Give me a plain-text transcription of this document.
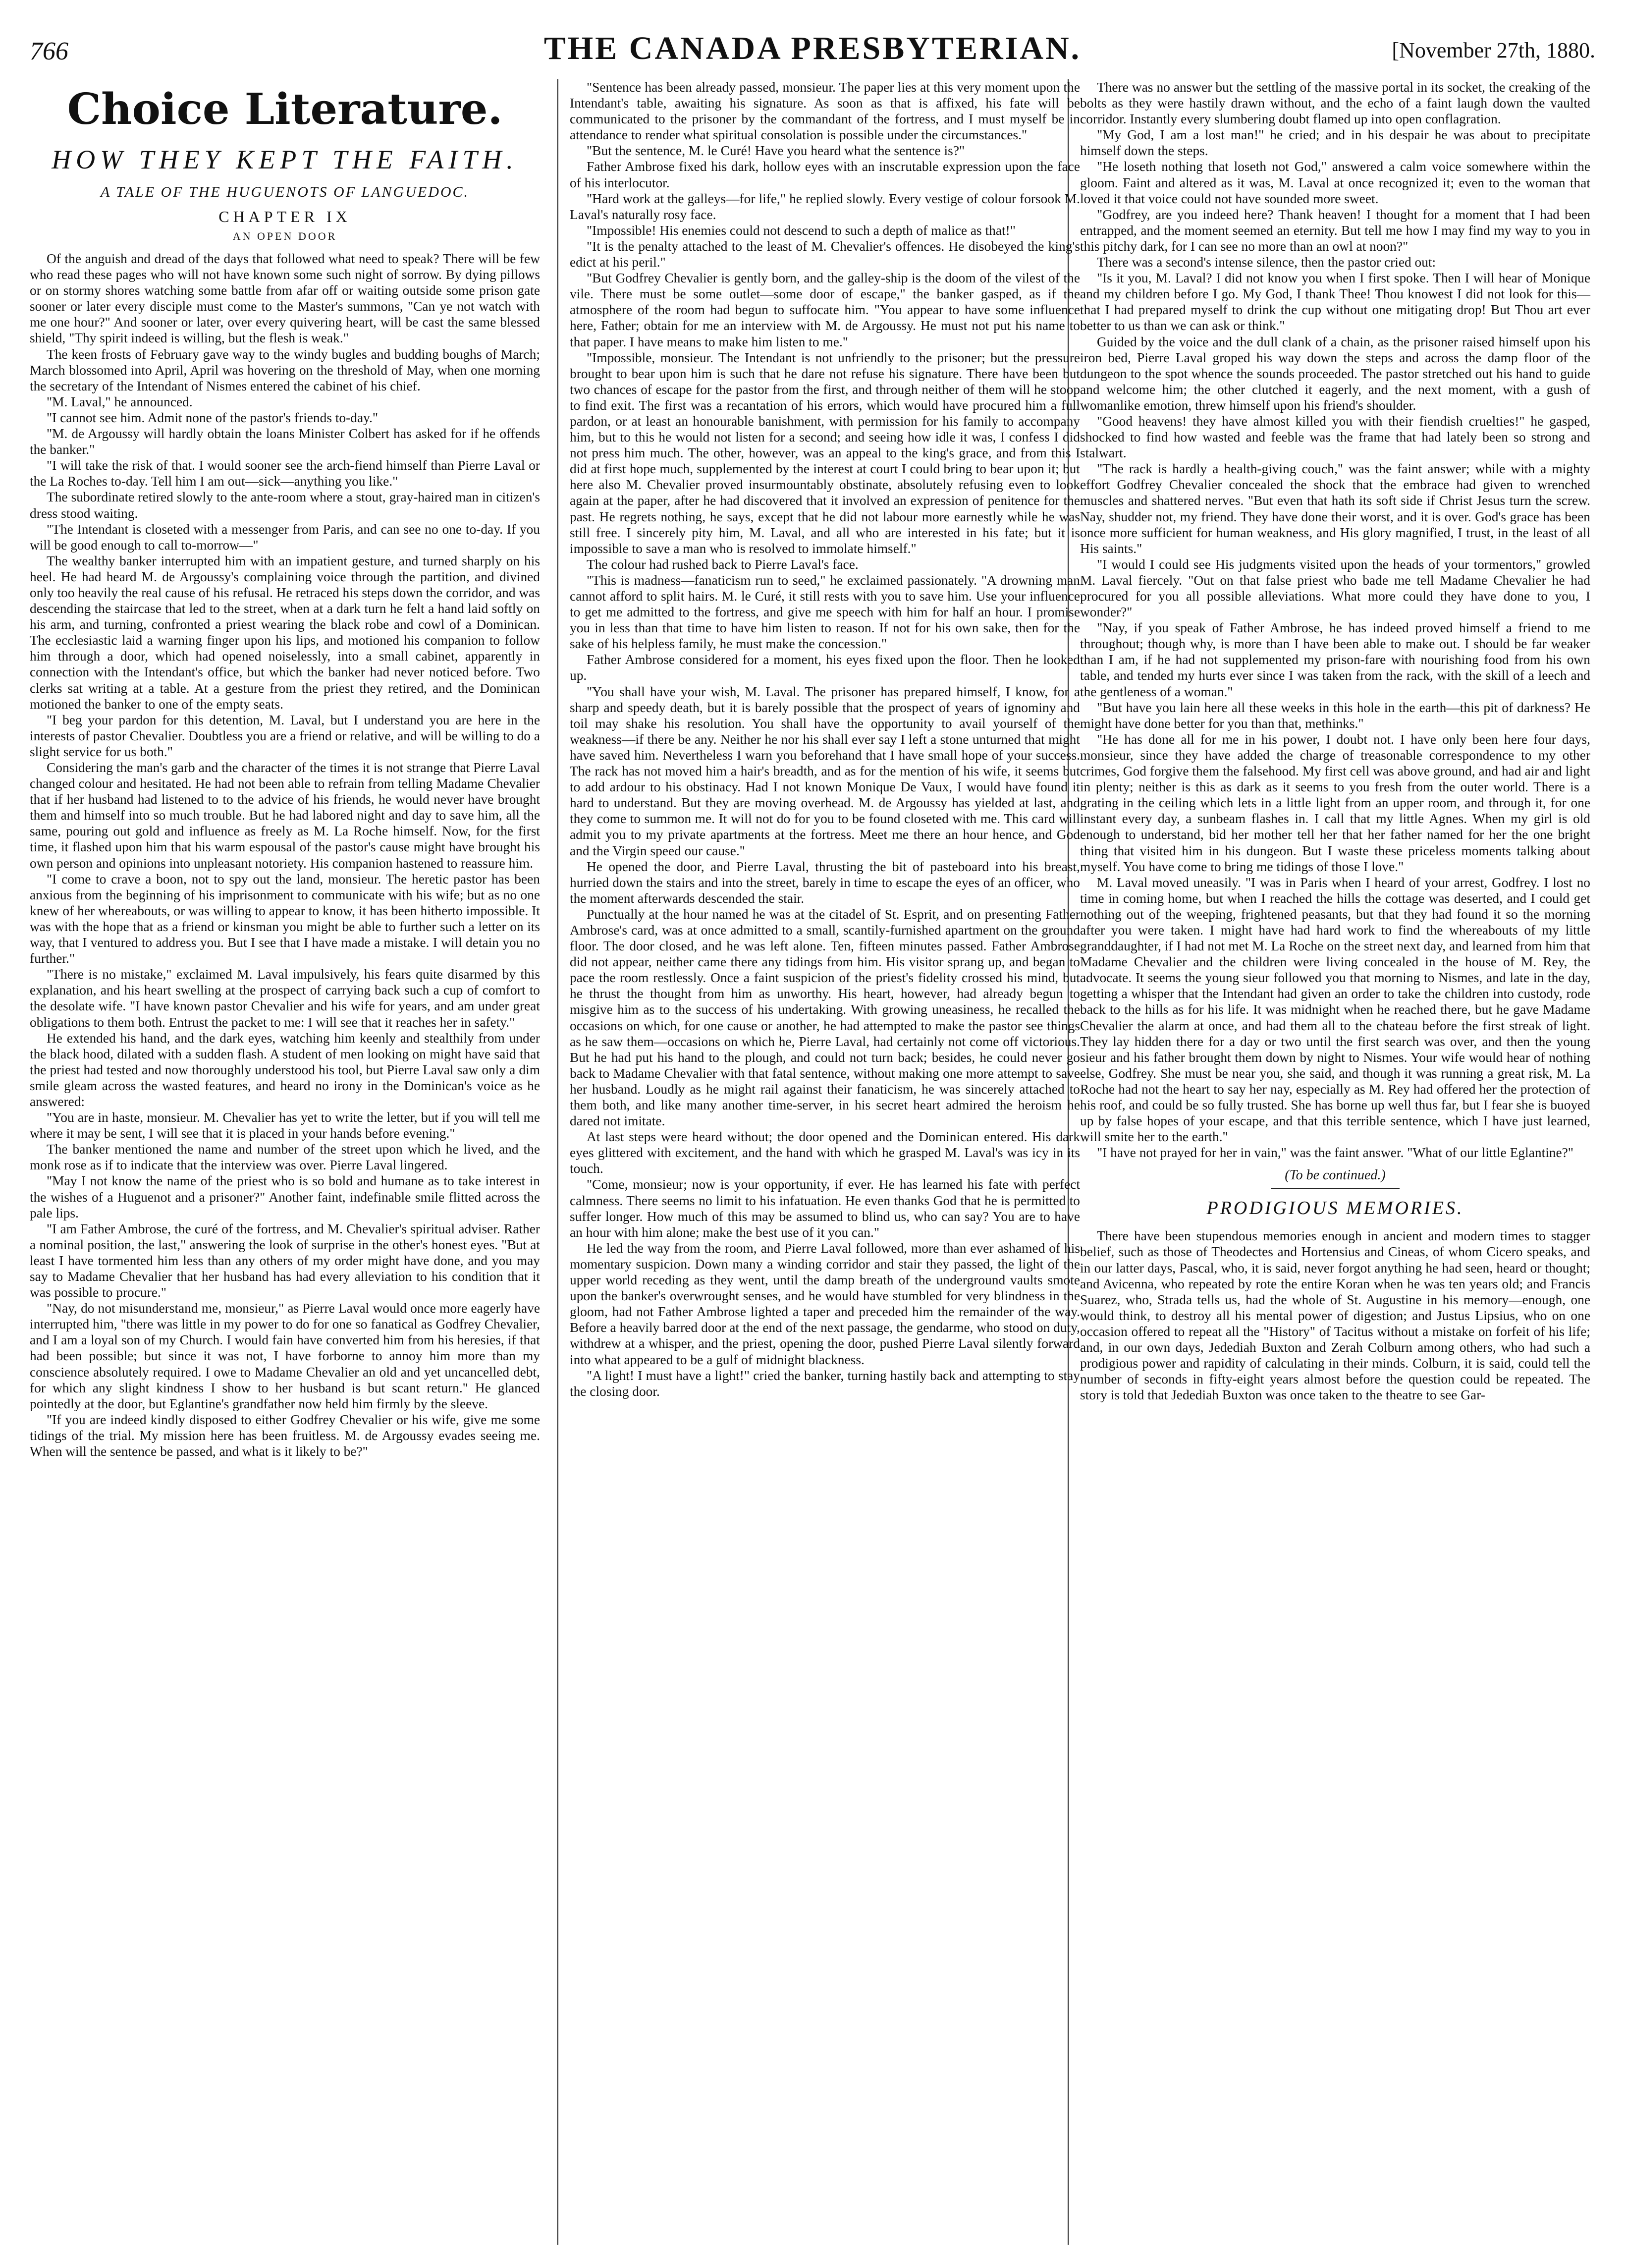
766	THE CANADA PRESBYTERIAN.	[November 27th, 1880.
Choice Literature.
HOW THEY KEPT THE FAITH.
A TALE OF THE HUGUENOTS OF LANGUEDOC.
CHAPTER IX
AN OPEN DOOR

Of the anguish and dread of the days that followed what need to speak? There will be few who read these pages who will not have known some such night of sorrow. By dying pillows or on stormy shores watching some battle from afar off or waiting outside some prison gate sooner or later every disciple must come to the Master's summons, "Can ye not watch with me one hour?" And sooner or later, over every quivering heart, will be cast the same blessed shield, "Thy spirit indeed is willing, but the flesh is weak."

The keen frosts of February gave way to the windy bugles and budding boughs of March; March blossomed into April, April was hovering on the threshold of May, when one morning the secretary of the Intendant of Nismes entered the cabinet of his chief.

"M. Laval," he announced.

"I cannot see him. Admit none of the pastor's friends to-day."

"M. de Argoussy will hardly obtain the loans Minister Colbert has asked for if he offends the banker."

"I will take the risk of that. I would sooner see the arch-fiend himself than Pierre Laval or the La Roches to-day. Tell him I am out—sick—anything you like."

The subordinate retired slowly to the ante-room where a stout, gray-haired man in citizen's dress stood waiting.

"The Intendant is closeted with a messenger from Paris, and can see no one to-day. If you will be good enough to call to-morrow—"

The wealthy banker interrupted him with an impatient gesture, and turned sharply on his heel. He had heard M. de Argoussy's complaining voice through the partition, and divined only too heavily the real cause of his refusal. He retraced his steps down the corridor, and was descending the staircase that led to the street, when at a dark turn he felt a hand laid softly on his arm, and turning, confronted a priest wearing the black robe and cowl of a Dominican. The ecclesiastic laid a warning finger upon his lips, and motioned his companion to follow him through a door, which had opened noiselessly, into a small cabinet, apparently in connection with the Intendant's office, but which the banker had never noticed before. Two clerks sat writing at a table. At a gesture from the priest they retired, and the Dominican motioned the banker to one of the empty seats.

"I beg your pardon for this detention, M. Laval, but I understand you are here in the interests of pastor Chevalier. Doubtless you are a friend or relative, and will be willing to do a slight service for us both."

Considering the man's garb and the character of the times it is not strange that Pierre Laval changed colour and hesitated. He had not been able to refrain from telling Madame Chevalier that if her husband had listened to to the advice of his friends, he would never have brought them and himself into so much trouble. But he had labored night and day to save him, all the same, pouring out gold and influence as freely as M. La Roche himself. Now, for the first time, it flashed upon him that his warm espousal of the pastor's cause might have brought his own person and opinions into unpleasant notoriety. His companion hastened to reassure him.

"I come to crave a boon, not to spy out the land, monsieur. The heretic pastor has been anxious from the beginning of his imprisonment to communicate with his wife; but as no one knew of her whereabouts, or was willing to appear to know, it has been hitherto impossible. It was with the hope that as a friend or kinsman you might be able to further such a letter on its way, that I ventured to address you. But I see that I have made a mistake. I will detain you no further."

"There is no mistake," exclaimed M. Laval impulsively, his fears quite disarmed by this explanation, and his heart swelling at the prospect of carrying back such a cup of comfort to the desolate wife. "I have known pastor Chevalier and his wife for years, and am under great obligations to them both. Entrust the packet to me: I will see that it reaches her in safety."

He extended his hand, and the dark eyes, watching him keenly and stealthily from under the black hood, dilated with a sudden flash. A student of men looking on might have said that the priest had tested and now thoroughly understood his tool, but Pierre Laval saw only a dim smile gleam across the wasted features, and heard no irony in the Dominican's voice as he answered:

"You are in haste, monsieur. M. Chevalier has yet to write the letter, but if you will tell me where it may be sent, I will see that it is placed in your hands before evening."

The banker mentioned the name and number of the street upon which he lived, and the monk rose as if to indicate that the interview was over. Pierre Laval lingered.

"May I not know the name of the priest who is so bold and humane as to take interest in the wishes of a Huguenot and a prisoner?" Another faint, indefinable smile flitted across the pale lips.

"I am Father Ambrose, the curé of the fortress, and M. Chevalier's spiritual adviser. Rather a nominal position, the last," answering the look of surprise in the other's honest eyes. "But at least I have tormented him less than any others of my order might have done, and you may say to Madame Chevalier that her husband has had every alleviation to his condition that it was possible to procure."

"Nay, do not misunderstand me, monsieur," as Pierre Laval would once more eagerly have interrupted him, "there was little in my power to do for one so fanatical as Godfrey Chevalier, and I am a loyal son of my Church. I would fain have converted him from his heresies, if that had been possible; but since it was not, I have forborne to annoy him more than my conscience absolutely required. I owe to Madame Chevalier an old and yet uncancelled debt, for which any slight kindness I show to her husband is but scant return." He glanced pointedly at the door, but Eglantine's grandfather now held him firmly by the sleeve.

"If you are indeed kindly disposed to either Godfrey Chevalier or his wife, give me some tidings of the trial. My mission here has been fruitless. M. de Argoussy evades seeing me. When will the sentence be passed, and what is it likely to be?"

"Sentence has been already passed, monsieur. The paper lies at this very moment upon the Intendant's table, awaiting his signature. As soon as that is affixed, his fate will be communicated to the prisoner by the commandant of the fortress, and I must myself be in attendance to render what spiritual consolation is possible under the circumstances."

"But the sentence, M. le Curé! Have you heard what the sentence is?"

Father Ambrose fixed his dark, hollow eyes with an inscrutable expression upon the face of his interlocutor.

"Hard work at the galleys—for life," he replied slowly. Every vestige of colour forsook M. Laval's naturally rosy face.

"Impossible! His enemies could not descend to such a depth of malice as that!"

"It is the penalty attached to the least of M. Chevalier's offences. He disobeyed the king's edict at his peril."

"But Godfrey Chevalier is gently born, and the galley-ship is the doom of the vilest of the vile. There must be some outlet—some door of escape," the banker gasped, as if the atmosphere of the room had begun to suffocate him. "You appear to have some influence here, Father; obtain for me an interview with M. de Argoussy. He must not put his name to that paper. I have means to make him listen to me."

"Impossible, monsieur. The Intendant is not unfriendly to the prisoner; but the pressure brought to bear upon him is such that he dare not refuse his signature. There have been but two chances of escape for the pastor from the first, and through neither of them will he stoop to find exit. The first was a recantation of his errors, which would have procured him a full pardon, or at least an honourable banishment, with permission for his family to accompany him, but to this he would not listen for a second; and seeing how idle it was, I confess I did not press him much. The other, however, was an appeal to the king's grace, and from this I did at first hope much, supplemented by the interest at court I could bring to bear upon it; but here also M. Chevalier proved insurmountably obstinate, absolutely refusing even to look again at the paper, after he had discovered that it involved an expression of penitence for the past. He regrets nothing, he says, except that he did not labour more earnestly while he was still free. I sincerely pity him, M. Laval, and all who are interested in his fate; but it is impossible to save a man who is resolved to immolate himself."

The colour had rushed back to Pierre Laval's face.

"This is madness—fanaticism run to seed," he exclaimed passionately. "A drowning man cannot afford to split hairs. M. le Curé, it still rests with you to save him. Use your influence to get me admitted to the fortress, and give me speech with him for half an hour. I promise you in less than that time to have him listen to reason. If not for his own sake, then for the sake of his helpless family, he must make the concession."

Father Ambrose considered for a moment, his eyes fixed upon the floor. Then he looked up.

"You shall have your wish, M. Laval. The prisoner has prepared himself, I know, for a sharp and speedy death, but it is barely possible that the prospect of years of ignominy and toil may shake his resolution. You shall have the opportunity to avail yourself of the weakness—if there be any. Neither he nor his shall ever say I left a stone unturned that might have saved him. Nevertheless I warn you beforehand that I have small hope of your success. The rack has not moved him a hair's breadth, and as for the mention of his wife, it seems but to add ardour to his obstinacy. Had I not known Monique De Vaux, I would have found it hard to understand. But they are moving overhead. M. de Argoussy has yielded at last, and they come to summon me. It will not do for you to be found closeted with me. This card will admit you to my private apartments at the fortress. Meet me there an hour hence, and God and the Virgin speed our cause."

He opened the door, and Pierre Laval, thrusting the bit of pasteboard into his breast, hurried down the stairs and into the street, barely in time to escape the eyes of an officer, who the moment afterwards descended the stair.

Punctually at the hour named he was at the citadel of St. Esprit, and on presenting Father Ambrose's card, was at once admitted to a small, scantily-furnished apartment on the ground floor. The door closed, and he was left alone. Ten, fifteen minutes passed. Father Ambrose did not appear, neither came there any tidings from him. His visitor sprang up, and began to pace the room restlessly. Once a faint suspicion of the priest's fidelity crossed his mind, but he thrust the thought from him as unworthy. His heart, however, had already begun to misgive him as to the success of his undertaking. With growing uneasiness, he recalled the occasions on which, for one cause or another, he had attempted to make the pastor see things as he saw them—occasions on which he, Pierre Laval, had certainly not come off victorious. But he had put his hand to the plough, and could not turn back; besides, he could never go back to Madame Chevalier with that fatal sentence, without making one more attempt to save her husband. Loudly as he might rail against their fanaticism, he was sincerely attached to them both, and like many another time-server, in his secret heart admired the heroism he dared not imitate.

At last steps were heard without; the door opened and the Dominican entered. His dark eyes glittered with excitement, and the hand with which he grasped M. Laval's was icy in its touch.

"Come, monsieur; now is your opportunity, if ever. He has learned his fate with perfect calmness. There seems no limit to his infatuation. He even thanks God that he is permitted to suffer longer. How much of this may be assumed to blind us, who can say? You are to have an hour with him alone; make the best use of it you can."

He led the way from the room, and Pierre Laval followed, more than ever ashamed of his momentary suspicion. Down many a winding corridor and stair they passed, the light of the upper world receding as they went, until the damp breath of the underground vaults smote upon the banker's overwrought senses, and he would have stumbled for very blindness in the gloom, had not Father Ambrose lighted a taper and preceded him the remainder of the way. Before a heavily barred door at the end of the next passage, the gendarme, who stood on duty, withdrew at a whisper, and the priest, opening the door, pushed Pierre Laval silently forward into what appeared to be a gulf of midnight blackness.

"A light! I must have a light!" cried the banker, turning hastily back and attempting to stay the closing door.

There was no answer but the settling of the massive portal in its socket, the creaking of the bolts as they were hastily drawn without, and the echo of a faint laugh down the vaulted corridor. Instantly every slumbering doubt flamed up into open conflagration.

"My God, I am a lost man!" he cried; and in his despair he was about to precipitate himself down the steps.

"He loseth nothing that loseth not God," answered a calm voice somewhere within the gloom. Faint and altered as it was, M. Laval at once recognized it; even to the woman that loved it that voice could not have sounded more sweet.

"Godfrey, are you indeed here? Thank heaven! I thought for a moment that I had been entrapped, and the moment seemed an eternity. But tell me how I may find my way to you in this pitchy dark, for I can see no more than an owl at noon?"

There was a second's intense silence, then the pastor cried out:

"Is it you, M. Laval? I did not know you when I first spoke. Then I will hear of Monique and my children before I go. My God, I thank Thee! Thou knowest I did not look for this—that I had prepared myself to drink the cup without one mitigating drop! But Thou art ever better to us than we can ask or think."

Guided by the voice and the dull clank of a chain, as the prisoner raised himself upon his iron bed, Pierre Laval groped his way down the steps and across the damp floor of the dungeon to the spot whence the sounds proceeded. The pastor stretched out his hand to guide and welcome him; the other clutched it eagerly, and the next moment, with a gush of womanlike emotion, threw himself upon his friend's shoulder.

"Good heavens! they have almost killed you with their fiendish cruelties!" he gasped, shocked to find how wasted and feeble was the frame that had lately been so strong and stalwart.

"The rack is hardly a health-giving couch," was the faint answer; while with a mighty effort Godfrey Chevalier concealed the shock that the embrace had given to wrenched muscles and shattered nerves. "But even that hath its soft side if Christ Jesus turn the screw. Nay, shudder not, my friend. They have done their worst, and it is over. God's grace has been once more sufficient for human weakness, and His glory magnified, I trust, in the least of all His saints."

"I would I could see His judgments visited upon the heads of your tormentors," growled M. Laval fiercely. "Out on that false priest who bade me tell Madame Chevalier he had procured for you all possible alleviations. What more could they have done to you, I wonder?"

"Nay, if you speak of Father Ambrose, he has indeed proved himself a friend to me throughout; though why, is more than I have been able to make out. I should be far weaker than I am, if he had not supplemented my prison-fare with nourishing food from his own table, and tended my hurts ever since I was taken from the rack, with the skill of a leech and the gentleness of a woman."

"But have you lain here all these weeks in this hole in the earth—this pit of darkness? He might have done better for you than that, methinks."

"He has done all for me in his power, I doubt not. I have only been here four days, monsieur, since they have added the charge of treasonable correspondence to my other crimes, God forgive them the falsehood. My first cell was above ground, and had air and light in plenty; neither is this as dark as it seems to you fresh from the outer world. There is a grating in the ceiling which lets in a little light from an upper room, and through it, for one instant every day, a sunbeam flashes in. I call that my little Agnes. When my girl is old enough to understand, bid her mother tell her that her father named for her the one bright thing that visited him in his dungeon. But I waste these priceless moments talking about myself. You have come to bring me tidings of those I love."

M. Laval moved uneasily. "I was in Paris when I heard of your arrest, Godfrey. I lost no time in coming home, but when I reached the hills the cottage was deserted, and I could get nothing out of the weeping, frightened peasants, but that they had found it so the morning after you were taken. I might have had hard work to find the whereabouts of my little granddaughter, if I had not met M. La Roche on the street next day, and learned from him that Madame Chevalier and the children were living concealed in the house of M. Rey, the advocate. It seems the young sieur followed you that morning to Nismes, and late in the day, getting a whisper that the Intendant had given an order to take the children into custody, rode back to the hills as for his life. It was midnight when he reached there, but he gave Madame Chevalier the alarm at once, and had them all to the chateau before the first streak of light. They lay hidden there for a day or two until the first search was over, and then the young sieur and his father brought them down by night to Nismes. Your wife would hear of nothing else, Godfrey. She must be near you, she said, and though it was running a great risk, M. La Roche had not the heart to say her nay, especially as M. Rey had offered her the protection of his roof, and could be so fully trusted. She has borne up well thus far, but I fear she is buoyed up by false hopes of your escape, and that this terrible sentence, which I have just learned, will smite her to the earth."

"I have not prayed for her in vain," was the faint answer. "What of our little Eglantine?"

(To be continued.)
PRODIGIOUS MEMORIES.

There have been stupendous memories enough in ancient and modern times to stagger belief, such as those of Theodectes and Hortensius and Cineas, of whom Cicero speaks, and in our latter days, Pascal, who, it is said, never forgot anything he had seen, heard or thought; and Avicenna, who repeated by rote the entire Koran when he was ten years old; and Francis Suarez, who, Strada tells us, had the whole of St. Augustine in his memory—enough, one would think, to destroy all his mental power of digestion; and Justus Lipsius, who on one occasion offered to repeat all the "History" of Tacitus without a mistake on forfeit of his life; and, in our own days, Jedediah Buxton and Zerah Colburn among others, who had such a prodigious power and rapidity of calculating in their minds. Colburn, it is said, could tell the number of seconds in fifty-eight years almost before the question could be repeated. The story is told that Jedediah Buxton was once taken to the theatre to see Gar-
